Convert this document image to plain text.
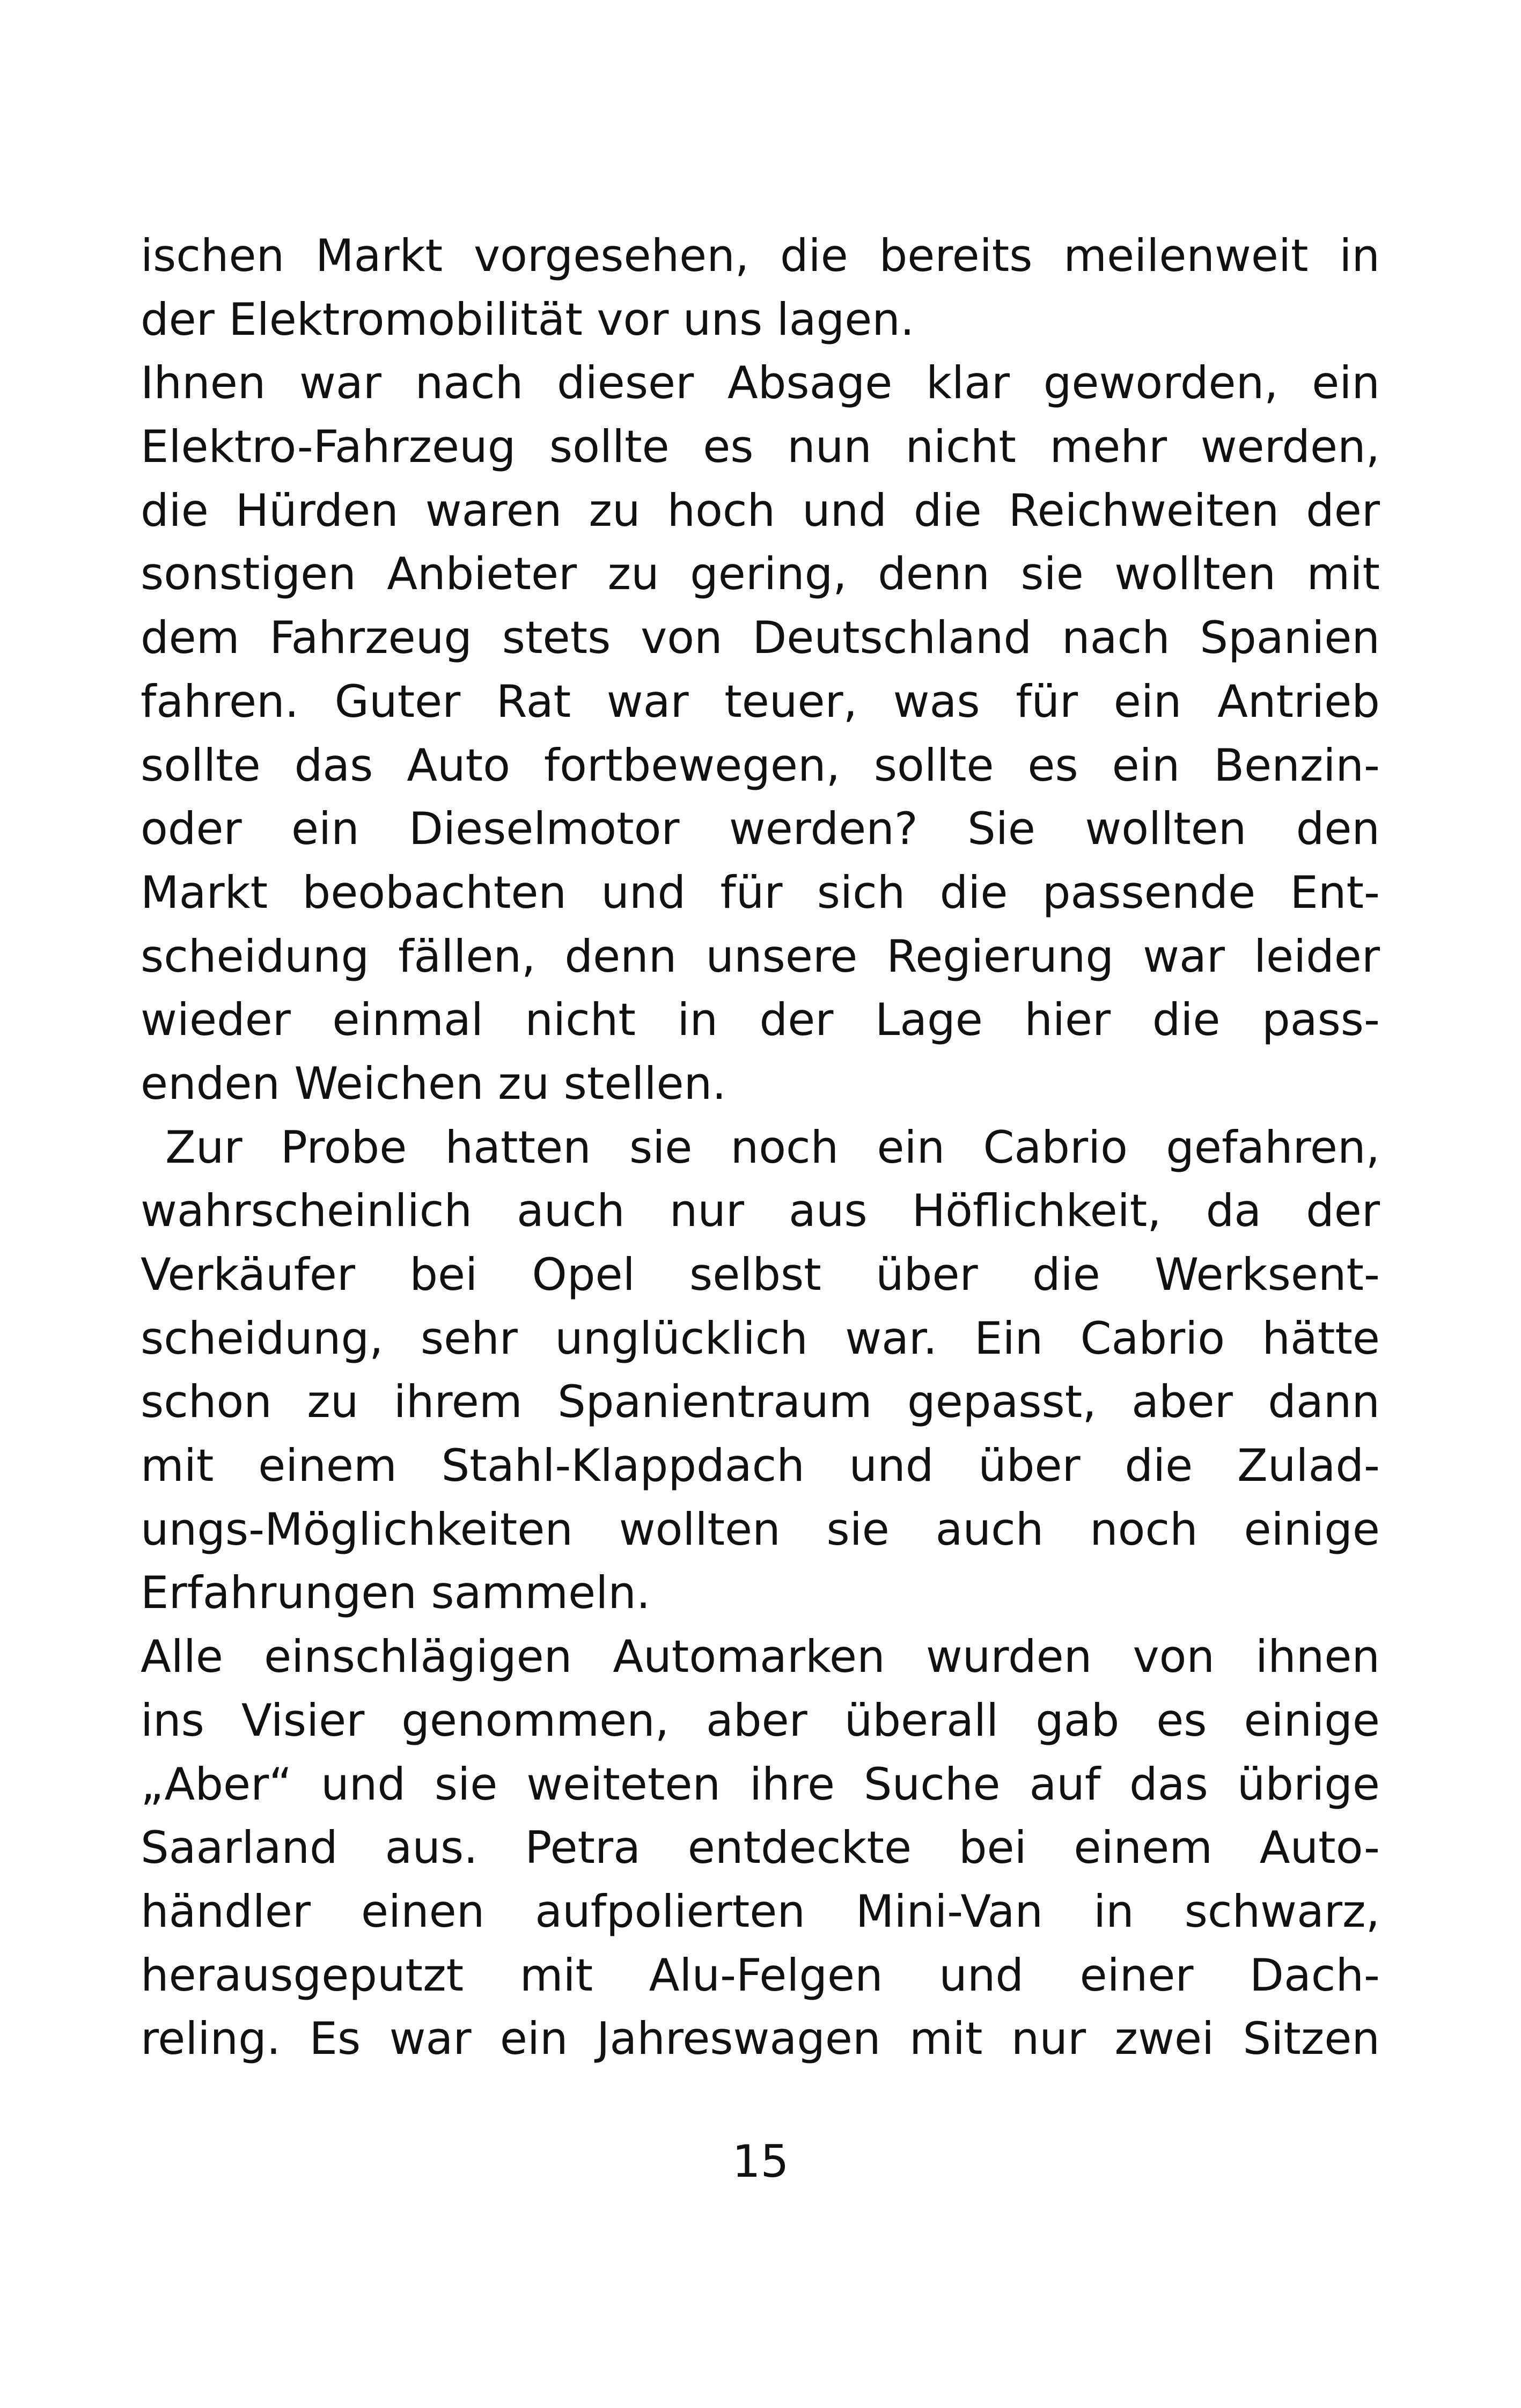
ischen Markt vorgesehen, die bereits meilenweit in
der Elektromobilität vor uns lagen.
Ihnen war nach dieser Absage klar geworden, ein
Elektro-Fahrzeug sollte es nun nicht mehr werden,
die Hürden waren zu hoch und die Reichweiten der
sonstigen Anbieter zu gering, denn sie wollten mit
dem Fahrzeug stets von Deutschland nach Spanien
fahren. Guter Rat war teuer, was für ein Antrieb
sollte das Auto fortbewegen, sollte es ein Benzin-
oder ein Dieselmotor werden? Sie wollten den
Markt beobachten und für sich die passende Ent-
scheidung fällen, denn unsere Regierung war leider
wieder einmal nicht in der Lage hier die pass-
enden Weichen zu stellen.
Zur Probe hatten sie noch ein Cabrio gefahren,
wahrscheinlich auch nur aus Höflichkeit, da der
Verkäufer bei Opel selbst über die Werksent-
scheidung, sehr unglücklich war. Ein Cabrio hätte
schon zu ihrem Spanientraum gepasst, aber dann
mit einem Stahl-Klappdach und über die Zulad-
ungs-Möglichkeiten wollten sie auch noch einige
Erfahrungen sammeln.
Alle einschlägigen Automarken wurden von ihnen
ins Visier genommen, aber überall gab es einige
„Aber“ und sie weiteten ihre Suche auf das übrige
Saarland aus. Petra entdeckte bei einem Auto-
händler einen aufpolierten Mini-Van in schwarz,
herausgeputzt mit Alu-Felgen und einer Dach-
reling. Es war ein Jahreswagen mit nur zwei Sitzen
15
